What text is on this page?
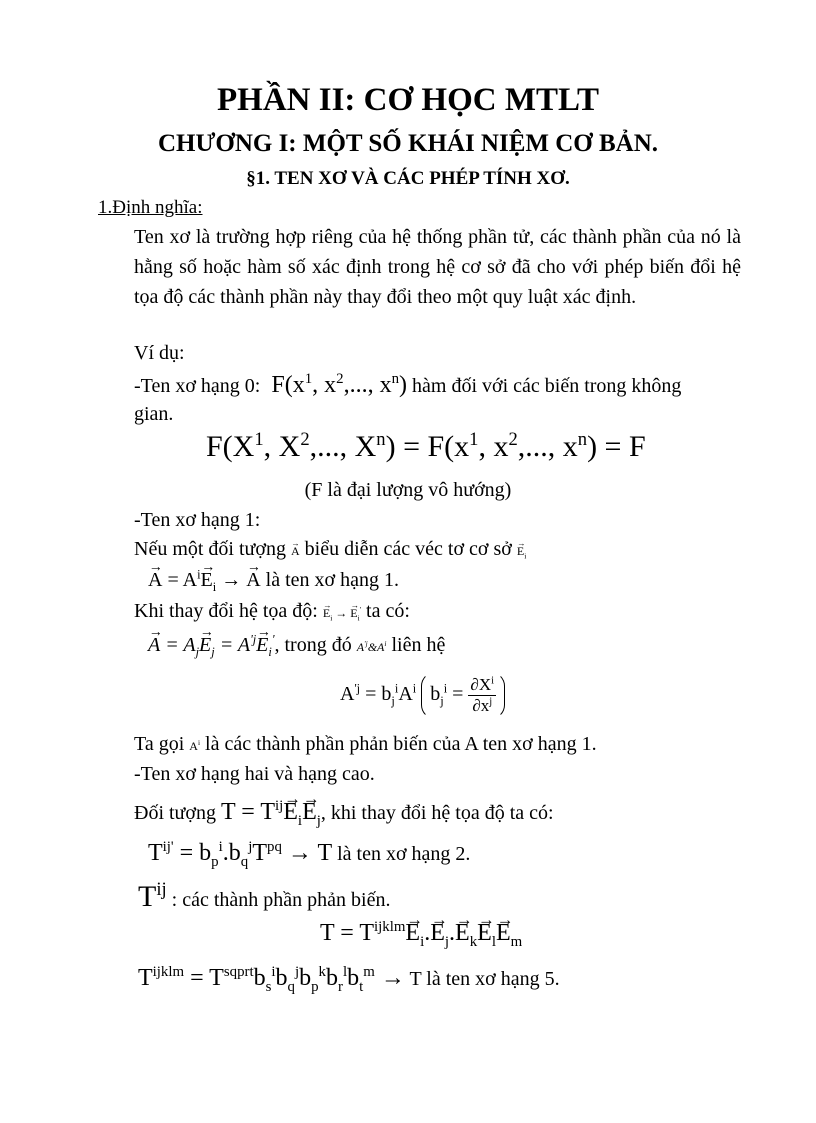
PHẦN II: CƠ HỌC MTLT
CHƯƠNG I: MỘT SỐ KHÁI NIỆM CƠ BẢN.
§1. TEN XƠ VÀ CÁC PHÉP TÍNH XƠ.
1.Định nghĩa:
Ten xơ là trường hợp riêng của hệ thống phần tử, các thành phần của nó là hằng số hoặc hàm số xác định trong hệ cơ sở đã cho với phép biến đổi hệ tọa độ các thành phần này thay đổi theo một quy luật xác định.
Ví dụ:
-Ten xơ hạng 0:  $F(x^1$, $x^2$,..., $x^n$) hàm đối với các biến trong không
gian.
$F(X^1$, $X^2$,..., $X^n) = F(x^1$, $x^2$,..., $x^n) = F$
(F là đại lượng vô hướng)
-Ten xơ hạng 1:
Nếu một đối tượng → A biểu diễn các véc tơ cơ sở → $E_i$
→ $A = A^i\to E_i$ → → A là ten xơ hạng 1.
Khi thay đổi hệ tọa độ: → $E_i$ → → $E_i'$ ta có:
→ $A = A_j\to E_j = A^{'j}\to E_i'$, trong đó $A^{'j}\&A^i$ liên hệ
$A^{'j} = b_j^iA^i$ $b_j^i = \frac{\partial X^i}{\partial x^j}$
Ta gọi $A^i$ là các thành phần phản biến của A ten xơ hạng 1.
-Ten xơ hạng hai và hạng cao.
Đối tượng $T = T^{ij}\to E_i\to E_j$, khi thay đổi hệ tọa độ ta có:
$T^{ij'} = b_p^i.b_q^jT^{pq} \to T$ là ten xơ hạng 2.
$T^{ij}$ : các thành phần phản biến.
$T = T^{ijklm}\to E_i.\to E_j.\to E_k\to E_l\to E_m$
$T^{ijklm} = T^{sqprt}b_s^ib_q^jb_p^kb_r^lb_t^m \to T$ là ten xơ hạng 5.
